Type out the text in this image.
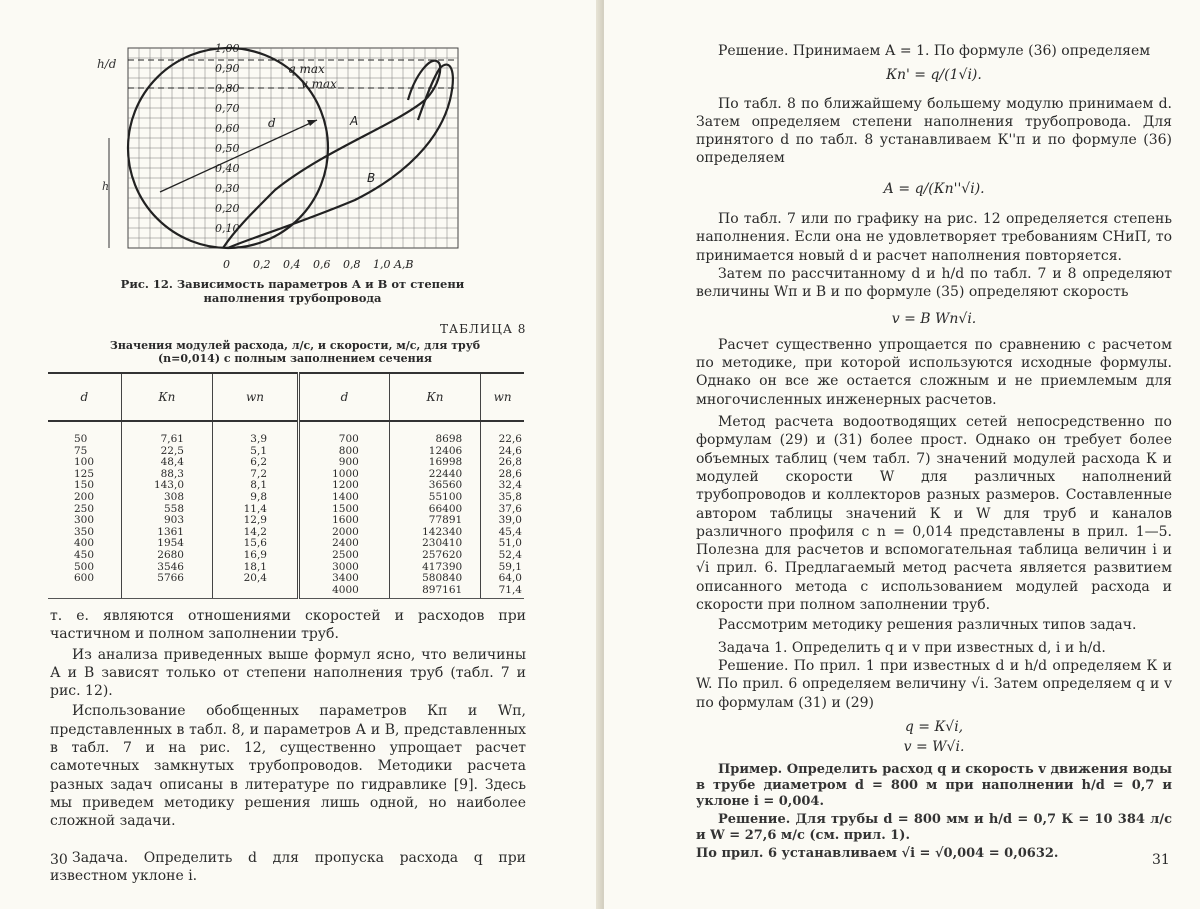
1,00
0,90
0,80
0,70
0,60
0,50
0,40
0,30
0,20
0,10
0 0,2 0,4 0,6 0,8 1,0 A,B
h/d
h
q max
v max
d	A
B
Рис. 12. Зависимость параметров А и В от степени наполнения трубопровода
ТАБЛИЦА 8
Значения модулей расхода, л/с, и скорости, м/с, для труб (n=0,014) с полным заполнением сечения
d	Кп	wп	d	Кп	wп
50	7,61	3,9	700	8698	22,6
75	22,5	5,1	800	12406	24,6
100	48,4	6,2	900	16998	26,8
125	88,3	7,2	1000	22440	28,6
150	143,0	8,1	1200	36560	32,4
200	308	9,8	1400	55100	35,8
250	558	11,4	1500	66400	37,6
300	903	12,9	1600	77891	39,0
350	1361	14,2	2000	142340	45,4
400	1954	15,6	2400	230410	51,0
450	2680	16,9	2500	257620	52,4
500	3546	18,1	3000	417390	59,1
600	5766	20,4	3400	580840	64,0
			4000	897161	71,4

т. е. являются отношениями скоростей и расходов при частичном и полном заполнении труб.

Из анализа приведенных выше формул ясно, что величины А и В зависят только от степени наполнения труб (табл. 7 и рис. 12).

Использование обобщенных параметров Кп и Wп, представленных в табл. 8, и параметров А и В, представленных в табл. 7 и на рис. 12, существенно упрощает расчет самотечных замкнутых трубопроводов. Методики расчета разных задач описаны в литературе по гидравлике [9]. Здесь мы приведем методику решения лишь одной, но наиболее сложной задачи.

Задача. Определить d для пропуска расхода q при известном уклоне i.

30

Решение. Принимаем А = 1. По формуле (36) определяем

Кп' = q/(1√i).

По табл. 8 по ближайшему большему модулю принимаем d. Затем определяем степени наполнения трубопровода. Для принятого d по табл. 8 устанавливаем К''п и по формуле (36) определяем

А = q/(Кп''√i).

По табл. 7 или по графику на рис. 12 определяется степень наполнения. Если она не удовлетворяет требованиям СНиП, то принимается новый d и расчет наполнения повторяется.

Затем по рассчитанному d и h/d по табл. 7 и 8 определяют величины Wп и В и по формуле (35) определяют скорость

v = B Wп√i.

Расчет существенно упрощается по сравнению с расчетом по методике, при которой используются исходные формулы. Однако он все же остается сложным и не приемлемым для многочисленных инженерных расчетов.

Метод расчета водоотводящих сетей непосредственно по формулам (29) и (31) более прост. Однако он требует более объемных таблиц (чем табл. 7) значений модулей расхода К и модулей скорости W для различных наполнений трубопроводов и коллекторов разных размеров. Составленные автором таблицы значений К и W для труб и каналов различного профиля с n = 0,014 представлены в прил. 1—5. Полезна для расчетов и вспомогательная таблица величин i и √i прил. 6. Предлагаемый метод расчета является развитием описанного метода с использованием модулей расхода и скорости при полном заполнении труб.

Рассмотрим методику решения различных типов задач.

Задача 1. Определить q и v при известных d, i и h/d.

Решение. По прил. 1 при известных d и h/d определяем К и W. По прил. 6 определяем величину √i. Затем определяем q и v по формулам (31) и (29)

q = К√i,

v = W√i.

Пример. Определить расход q и скорость v движения воды в трубе диаметром d = 800 м при наполнении h/d = 0,7 и уклоне i = 0,004.

Решение. Для трубы d = 800 мм и h/d = 0,7 К = 10 384 л/с и W = 27,6 м/с (см. прил. 1).

По прил. 6 устанавливаем √i = √0,004 = 0,0632.	31
